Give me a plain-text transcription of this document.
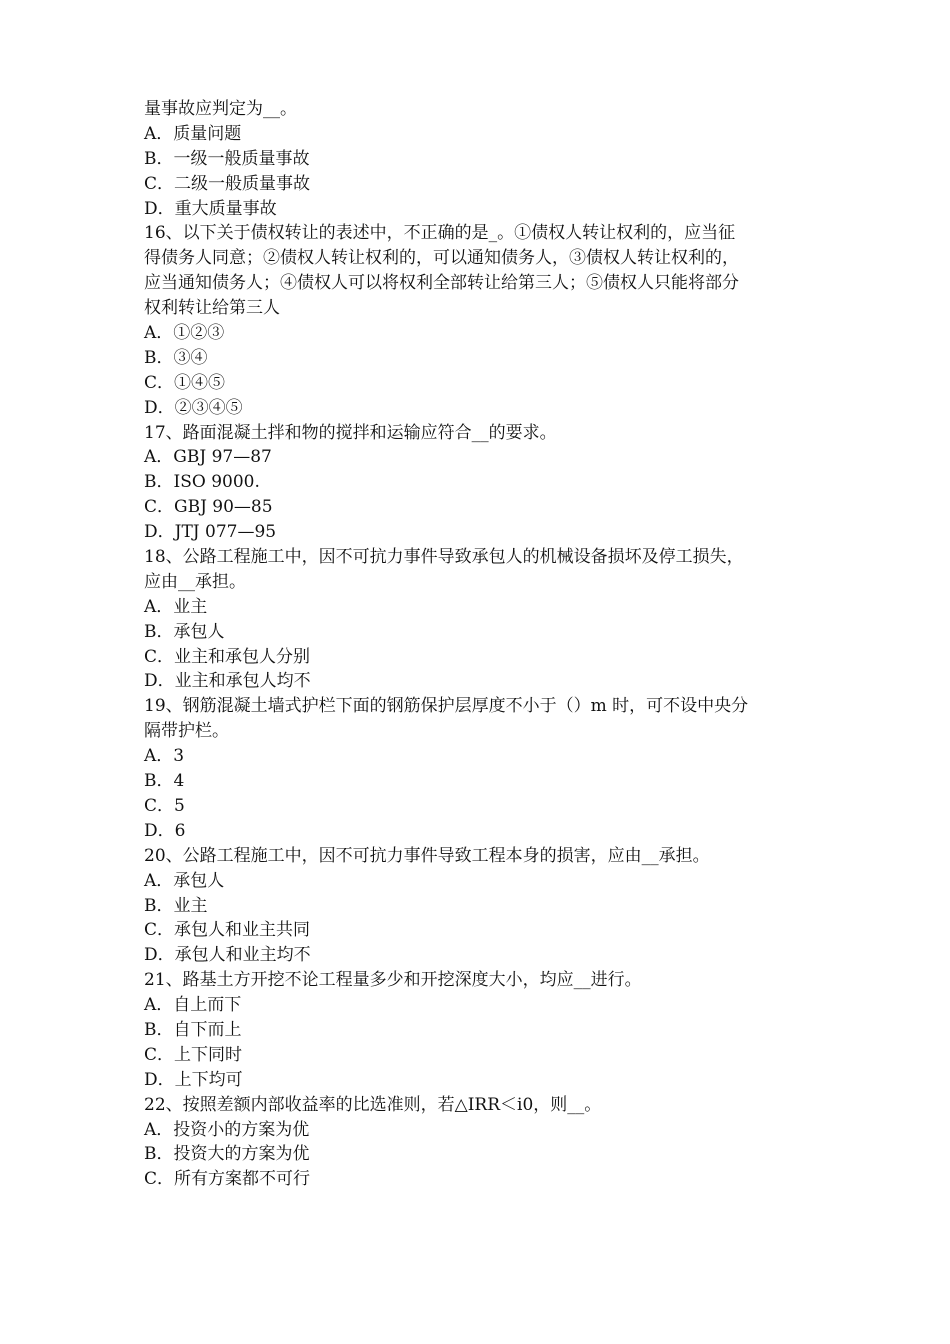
量事故应判定为__。
A．质量问题
B．一级一般质量事故
C．二级一般质量事故
D．重大质量事故
16、以下关于债权转让的表述中，不正确的是_。①债权人转让权利的，应当征
得债务人同意；②债权人转让权利的，可以通知债务人，③债权人转让权利的，
应当通知债务人；④债权人可以将权利全部转让给第三人；⑤债权人只能将部分
权利转让给第三人
A．①②③
B．③④
C．①④⑤
D．②③④⑤
17、路面混凝土拌和物的搅拌和运输应符合__的要求。
A．GBJ 97—87
B．ISO 9000.
C．GBJ 90—85
D．JTJ 077—95
18、公路工程施工中，因不可抗力事件导致承包人的机械设备损坏及停工损失，
应由__承担。
A．业主
B．承包人
C．业主和承包人分别
D．业主和承包人均不
19、钢筋混凝土墙式护栏下面的钢筋保护层厚度不小于（）m 时，可不设中央分
隔带护栏。
A．3
B．4
C．5
D．6
20、公路工程施工中，因不可抗力事件导致工程本身的损害，应由__承担。
A．承包人
B．业主
C．承包人和业主共同
D．承包人和业主均不
21、路基土方开挖不论工程量多少和开挖深度大小，均应__进行。
A．自上而下
B．自下而上
C．上下同时
D．上下均可
22、按照差额内部收益率的比选准则，若△IRR＜i0，则__。
A．投资小的方案为优
B．投资大的方案为优
C．所有方案都不可行
